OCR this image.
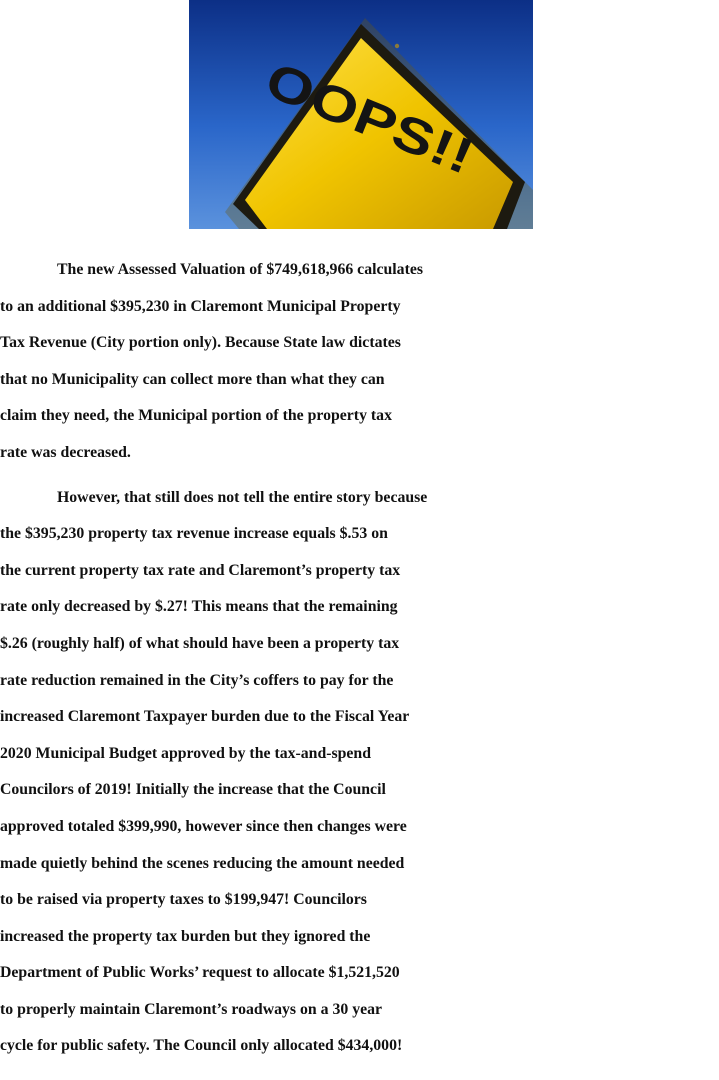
OOPS!!

The new Assessed Valuation of $749,618,966 calculates

to an additional $395,230 in Claremont Municipal Property

Tax Revenue (City portion only). Because State law dictates

that no Municipality can collect more than what they can

claim they need, the Municipal portion of the property tax

rate was decreased.

However, that still does not tell the entire story because

the $395,230 property tax revenue increase equals $.53 on

the current property tax rate and Claremont’s property tax

rate only decreased by $.27! This means that the remaining

$.26 (roughly half) of what should have been a property tax

rate reduction remained in the City’s coffers to pay for the

increased Claremont Taxpayer burden due to the Fiscal Year

2020 Municipal Budget approved by the tax-and-spend

Councilors of 2019! Initially the increase that the Council

approved totaled $399,990, however since then changes were

made quietly behind the scenes reducing the amount needed

to be raised via property taxes to $199,947! Councilors

increased the property tax burden but they ignored the

Department of Public Works’ request to allocate $1,521,520

to properly maintain Claremont’s roadways on a 30 year

cycle for public safety. The Council only allocated $434,000!
